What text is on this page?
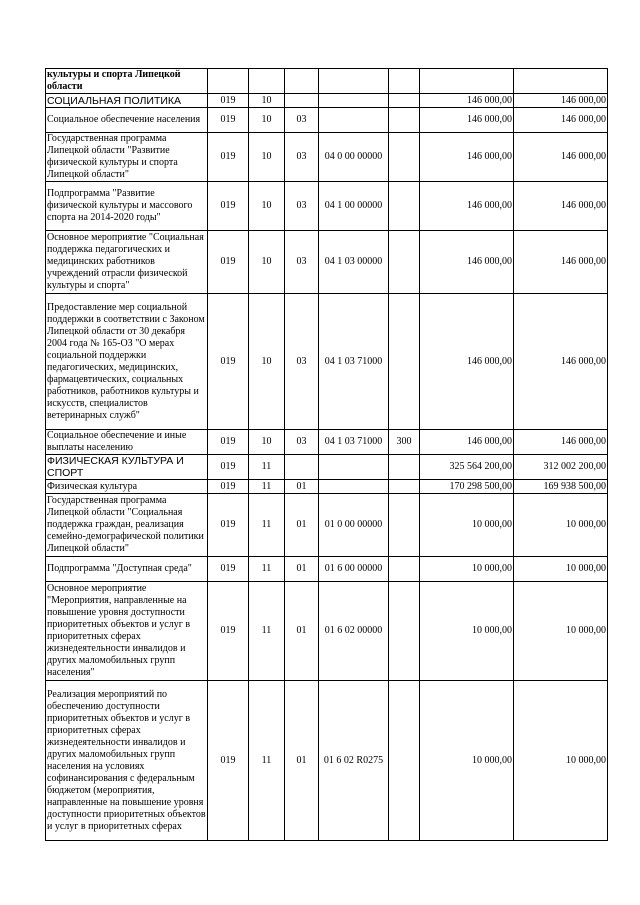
культуры и спорта Липецкой области							
СОЦИАЛЬНАЯ ПОЛИТИКА	019	10				146 000,00	146 000,00
Социальное обеспечение населения	019	10	03			146 000,00	146 000,00
Государственная программа Липецкой области "Развитие физической культуры и спорта Липецкой области"	019	10	03	04 0 00 00000		146 000,00	146 000,00
Подпрограмма "Развитие физической культуры и массового спорта на 2014-2020 годы"	019	10	03	04 1 00 00000		146 000,00	146 000,00
Основное мероприятие "Социальная поддержка педагогических и медицинских работников учреждений отрасли физической культуры и спорта"	019	10	03	04 1 03 00000		146 000,00	146 000,00
Предоставление мер социальной поддержки в соответствии с Законом Липецкой области от 30 декабря 2004 года № 165-ОЗ "О мерах социальной поддержки педагогических, медицинских, фармацевтических, социальных работников, работников культуры и искусств, специалистов ветеринарных служб"	019	10	03	04 1 03 71000		146 000,00	146 000,00
Социальное обеспечение и иные выплаты населению	019	10	03	04 1 03 71000	300	146 000,00	146 000,00
ФИЗИЧЕСКАЯ КУЛЬТУРА И СПОРТ	019	11				325 564 200,00	312 002 200,00
Физическая культура	019	11	01			170 298 500,00	169 938 500,00
Государственная программа Липецкой области "Социальная поддержка граждан, реализация семейно-демографической политики Липецкой области"	019	11	01	01 0 00 00000		10 000,00	10 000,00
Подпрограмма "Доступная среда"	019	11	01	01 6 00 00000		10 000,00	10 000,00
Основное мероприятие "Мероприятия, направленные на повышение уровня доступности приоритетных объектов и услуг в приоритетных сферах жизнедеятельности инвалидов и других маломобильных групп населения"	019	11	01	01 6 02 00000		10 000,00	10 000,00
Реализация мероприятий по обеспечению доступности приоритетных объектов и услуг в приоритетных сферах жизнедеятельности инвалидов и других маломобильных групп населения на условиях софинансирования с федеральным бюджетом (мероприятия, направленные на повышение уровня доступности приоритетных объектов и услуг в приоритетных сферах	019	11	01	01 6 02 R0275		10 000,00	10 000,00
